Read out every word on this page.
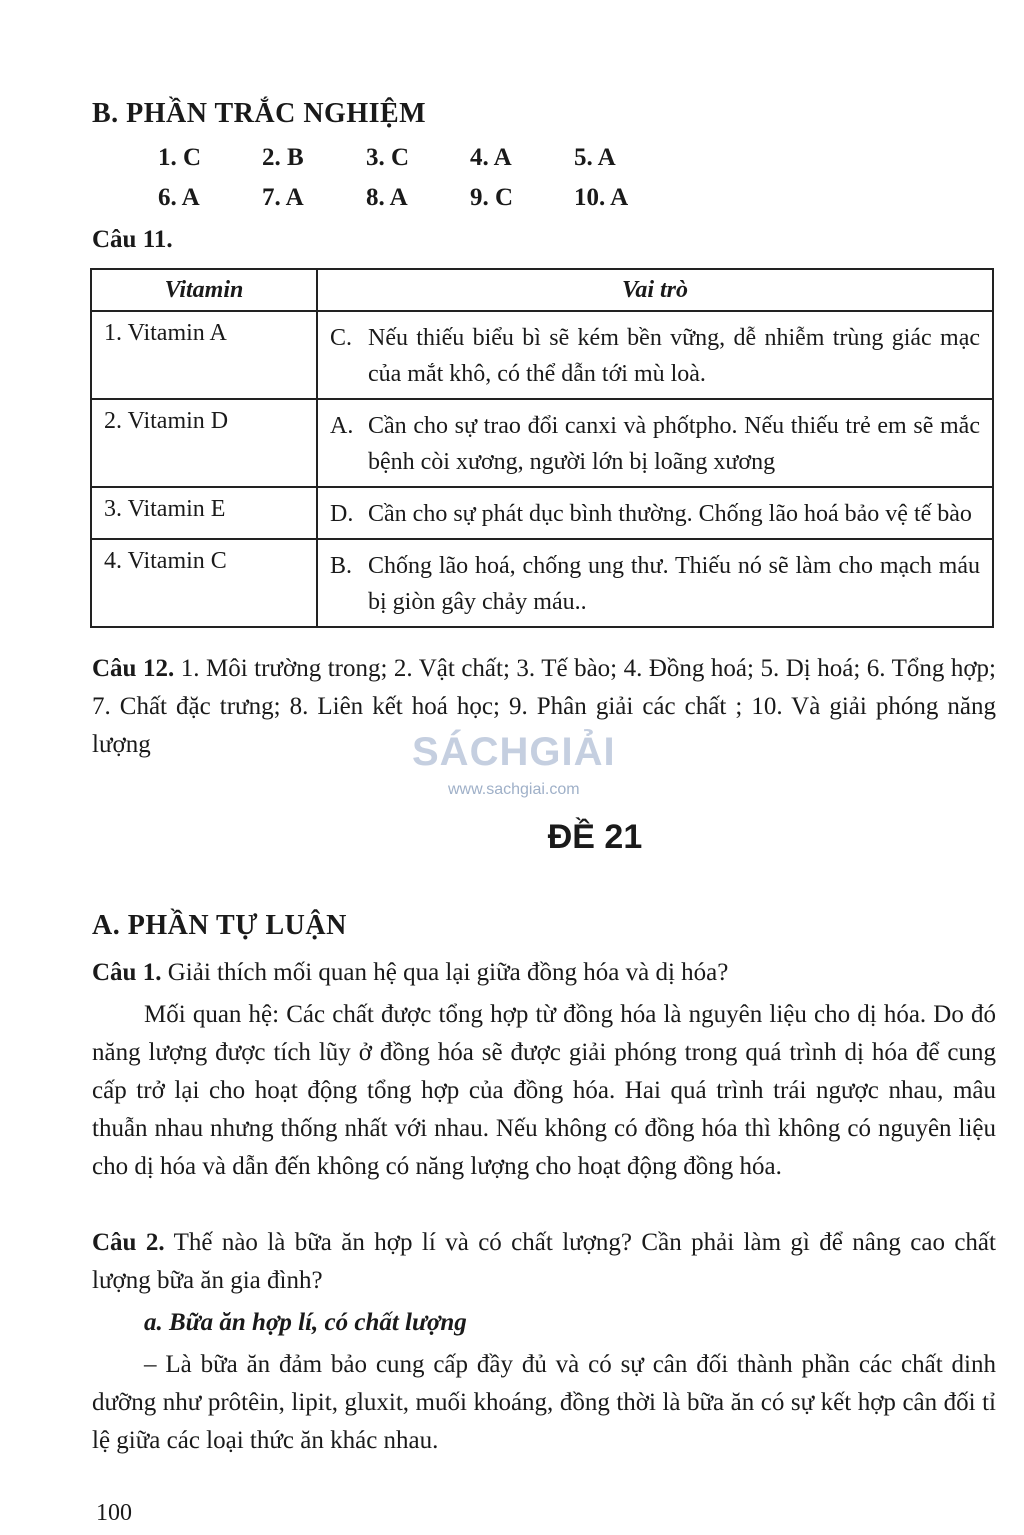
B. PHẦN TRẮC NGHIỆM
1. C	2. B	3. C	4. A	5. A
6. A	7. A	8. A	9. C	10. A
Câu 11.
Vitamin	Vai trò
1. Vitamin A	C. Nếu thiếu biểu bì sẽ kém bền vững, dễ nhiễm trùng giác mạc của mắt khô, có thể dẫn tới mù loà.

2. Vitamin D	A. Cần cho sự trao đổi canxi và phốtpho. Nếu thiếu trẻ em sẽ mắc bệnh còi xương, người lớn bị loãng xương

3. Vitamin E	D. Cần cho sự phát dục bình thường. Chống lão hoá bảo vệ tế bào

4. Vitamin C	B. Chống lão hoá, chống ung thư. Thiếu nó sẽ làm cho mạch máu bị giòn gây chảy máu..
Câu 12. 1. Môi trường trong; 2. Vật chất; 3. Tế bào; 4. Đồng hoá; 5. Dị hoá; 6. Tổng hợp; 7. Chất đặc trưng; 8. Liên kết hoá học; 9. Phân giải các chất ; 10. Và giải phóng năng lượng	SÁCHGIẢI
www.sachgiai.com
ĐỀ 21
A. PHẦN TỰ LUẬN
Câu 1. Giải thích mối quan hệ qua lại giữa đồng hóa và dị hóa?
Mối quan hệ: Các chất được tổng hợp từ đồng hóa là nguyên liệu cho dị hóa. Do đó năng lượng được tích lũy ở đồng hóa sẽ được giải phóng trong quá trình dị hóa để cung cấp trở lại cho hoạt động tổng hợp của đồng hóa. Hai quá trình trái ngược nhau, mâu thuẫn nhau nhưng thống nhất với nhau. Nếu không có đồng hóa thì không có nguyên liệu cho dị hóa và dẫn đến không có năng lượng cho hoạt động đồng hóa.
Câu 2. Thế nào là bữa ăn hợp lí và có chất lượng? Cần phải làm gì để nâng cao chất lượng bữa ăn gia đình?
a. Bữa ăn hợp lí, có chất lượng
– Là bữa ăn đảm bảo cung cấp đầy đủ và có sự cân đối thành phần các chất dinh dưỡng như prôtêin, lipit, gluxit, muối khoáng, đồng thời là bữa ăn có sự kết hợp cân đối tỉ lệ giữa các loại thức ăn khác nhau.
100
